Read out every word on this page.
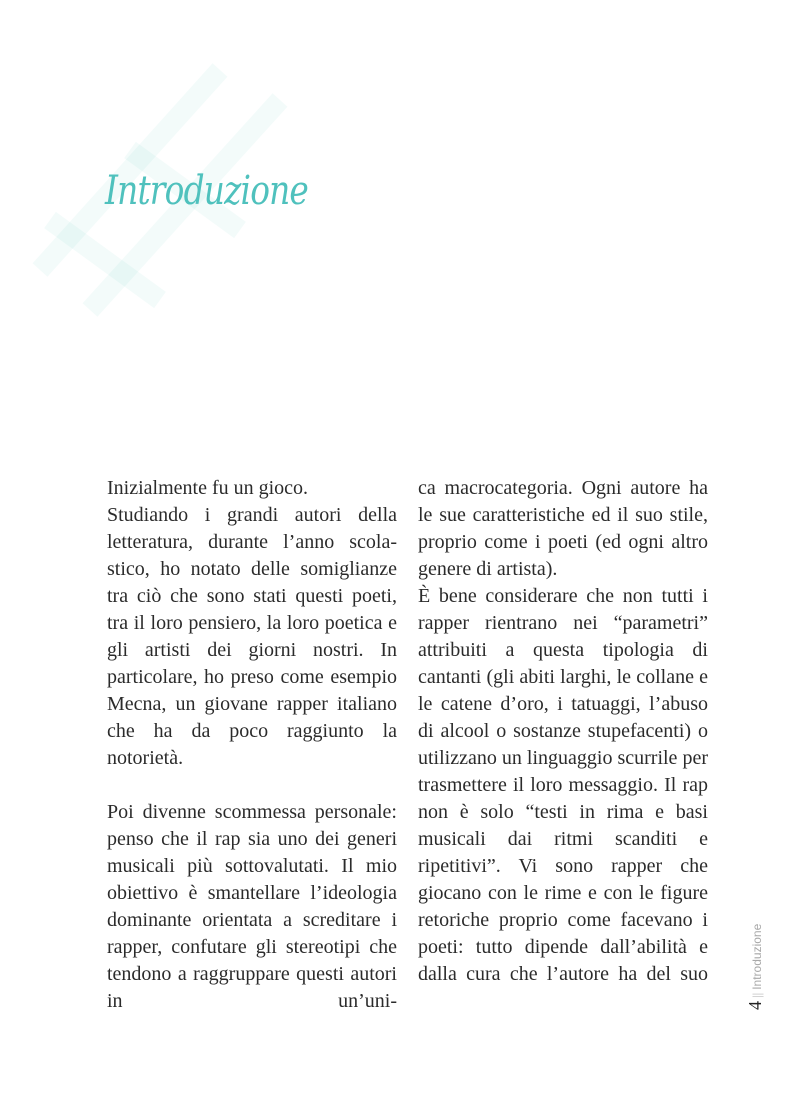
Introduzione

Inizialmente fu un gioco.

Studiando i grandi autori della letteratura, durante l’anno scolastico, ho notato delle somiglianze tra ciò che sono stati questi poeti, tra il loro pensiero, la loro poetica e gli artisti dei giorni nostri. In particolare, ho preso come esempio Mecna, un giovane rapper italiano che ha da poco raggiunto la notorietà.

Poi divenne scommessa personale: penso che il rap sia uno dei generi musicali più sottovalutati. Il mio obiettivo è smantellare l’ideologia dominante orientata a screditare i rapper, confutare gli stereotipi che tendono a raggruppare questi autori in un’uni-

ca macrocategoria. Ogni autore ha le sue caratteristiche ed il suo stile, proprio come i poeti (ed ogni altro genere di artista).

È bene considerare che non tutti i rapper rientrano nei “parametri” attribuiti a questa tipologia di cantanti (gli abiti larghi, le collane e le catene d’oro, i tatuaggi, l’abuso di alcool o sostanze stupefacenti) o utilizzano un linguaggio scurrile per trasmettere il loro messaggio. Il rap non è solo “testi in rima e basi musicali dai ritmi scanditi e ripetitivi”. Vi sono rapper che giocano con le rime e con le figure retoriche proprio come facevano i poeti: tutto dipende dall’abilità e dalla cura che l’autore ha del suo

4
||
Introduzione
